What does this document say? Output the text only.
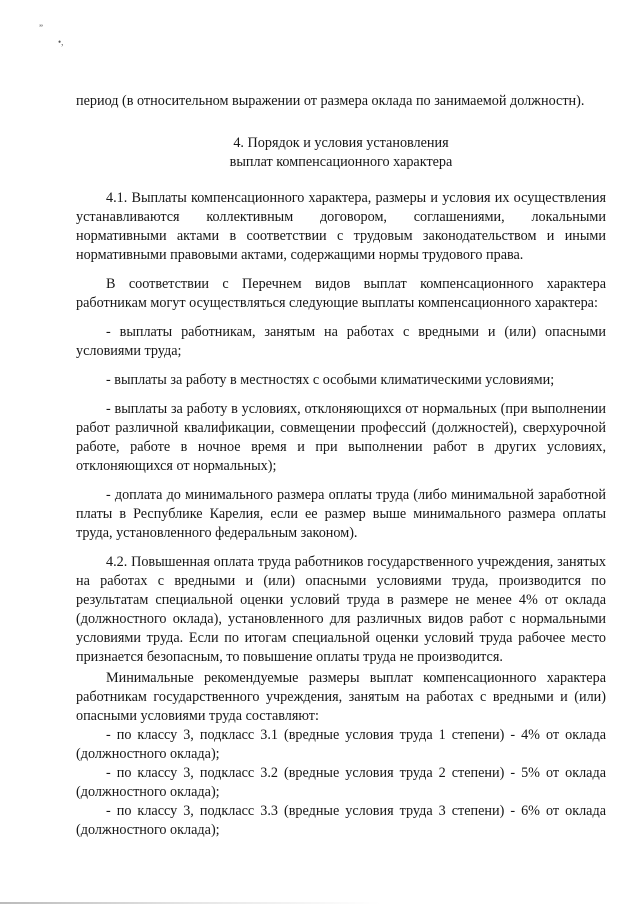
”
•,

период (в относительном выражении от размера оклада по занимаемой должностн).

4. Порядок и условия установления
выплат компенсационного характера

4.1. Выплаты компенсационного характера, размеры и условия их осуществления устанавливаются коллективным договором, соглашениями, локальными нормативными актами в соответствии с трудовым законодательством и иными нормативными правовыми актами, содержащими нормы трудового права.

В соответствии с Перечнем видов выплат компенсационного характера работникам могут осуществляться следующие выплаты компенсационного характера:

- выплаты работникам, занятым на работах с вредными и (или) опасными условиями труда;

- выплаты за работу в местностях с особыми климатическими условиями;

- выплаты за работу в условиях, отклоняющихся от нормальных (при выполнении работ различной квалификации, совмещении профессий (должностей), сверхурочной работе, работе в ночное время и при выполнении работ в других условиях, отклоняющихся от нормальных);

- доплата до минимального размера оплаты труда (либо минимальной заработной платы в Республике Карелия, если ее размер выше минимального размера оплаты труда, установленного федеральным законом).

4.2. Повышенная оплата труда работников государственного учреждения, занятых на работах с вредными и (или) опасными условиями труда, производится по результатам специальной оценки условий труда в размере не менее 4% от оклада (должностного оклада), установленного для различных видов работ с нормальными условиями труда. Если по итогам специальной оценки условий труда рабочее место признается безопасным, то повышение оплаты труда не производится.

Минимальные рекомендуемые размеры выплат компенсационного характера работникам государственного учреждения, занятым на работах с вредными и (или) опасными условиями труда составляют:

- по классу 3, подкласс 3.1 (вредные условия труда 1 степени) - 4% от оклада (должностного оклада);

- по классу 3, подкласс 3.2 (вредные условия труда 2 степени) - 5% от оклада (должностного оклада);

- по классу 3, подкласс 3.3 (вредные условия труда 3 степени) - 6% от оклада (должностного оклада);
